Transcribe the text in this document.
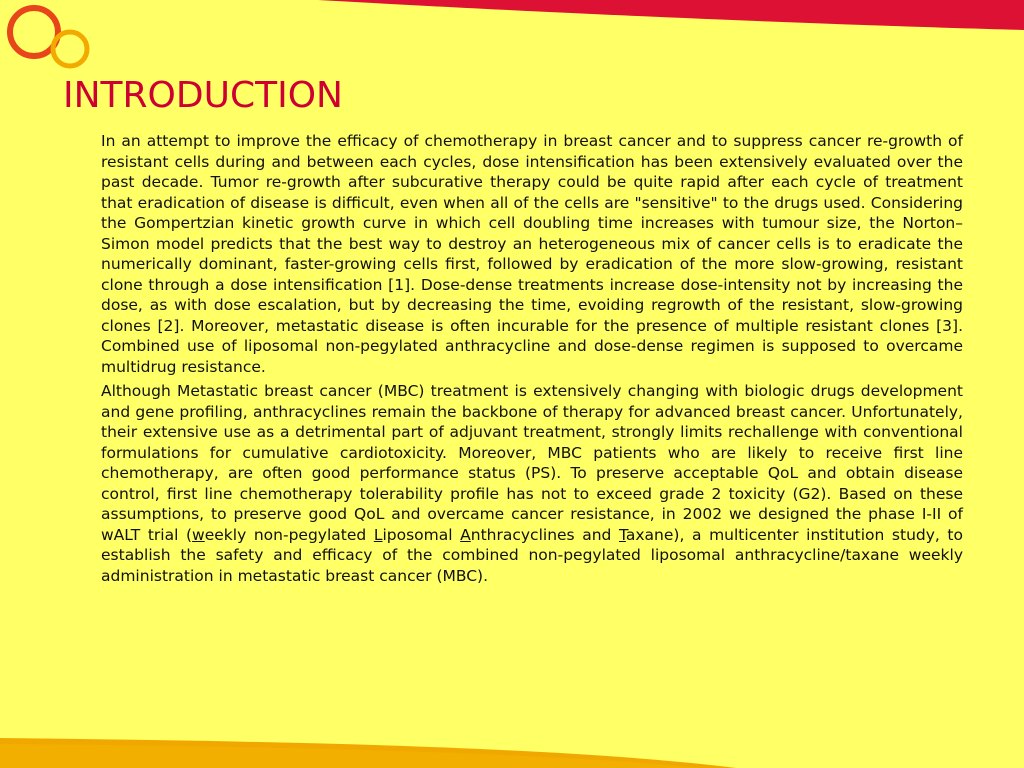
INTRODUCTION

In an attempt to improve the efficacy of chemotherapy in breast cancer and to suppress cancer re-growth of resistant cells during and between each cycles, dose intensification has been extensively evaluated over the past decade. Tumor re-growth after subcurative therapy could be quite rapid after each cycle of treatment that eradication of disease is difficult, even when all of the cells are "sensitive" to the drugs used. Considering the Gompertzian kinetic growth curve in which cell doubling time increases with tumour size, the Norton–Simon model predicts that the best way to destroy an heterogeneous mix of cancer cells is to eradicate the numerically dominant, faster-growing cells first, followed by eradication of the more slow-growing, resistant clone through a dose intensification [1]. Dose-dense treatments increase dose-intensity not by increasing the dose, as with dose escalation, but by decreasing the time, evoiding regrowth of the resistant, slow-growing clones [2]. Moreover, metastatic disease is often incurable for the presence of multiple resistant clones [3]. Combined use of liposomal non-pegylated anthracycline and dose-dense regimen is supposed to overcame multidrug resistance.

Although Metastatic breast cancer (MBC) treatment is extensively changing with biologic drugs development and gene profiling, anthracyclines remain the backbone of therapy for advanced breast cancer. Unfortunately, their extensive use as a detrimental part of adjuvant treatment, strongly limits rechallenge with conventional formulations for cumulative cardiotoxicity. Moreover, MBC patients who are likely to receive first line chemotherapy, are often good performance status (PS). To preserve acceptable QoL and obtain disease control, first line chemotherapy tolerability profile has not to exceed grade 2 toxicity (G2). Based on these assumptions, to preserve good QoL and overcame cancer resistance, in 2002 we designed the phase I-II of wALT trial (weekly non-pegylated Liposomal Anthracyclines and Taxane), a multicenter institution study, to establish the safety and efficacy of the combined non-pegylated liposomal anthracycline/taxane weekly administration in metastatic breast cancer (MBC).
